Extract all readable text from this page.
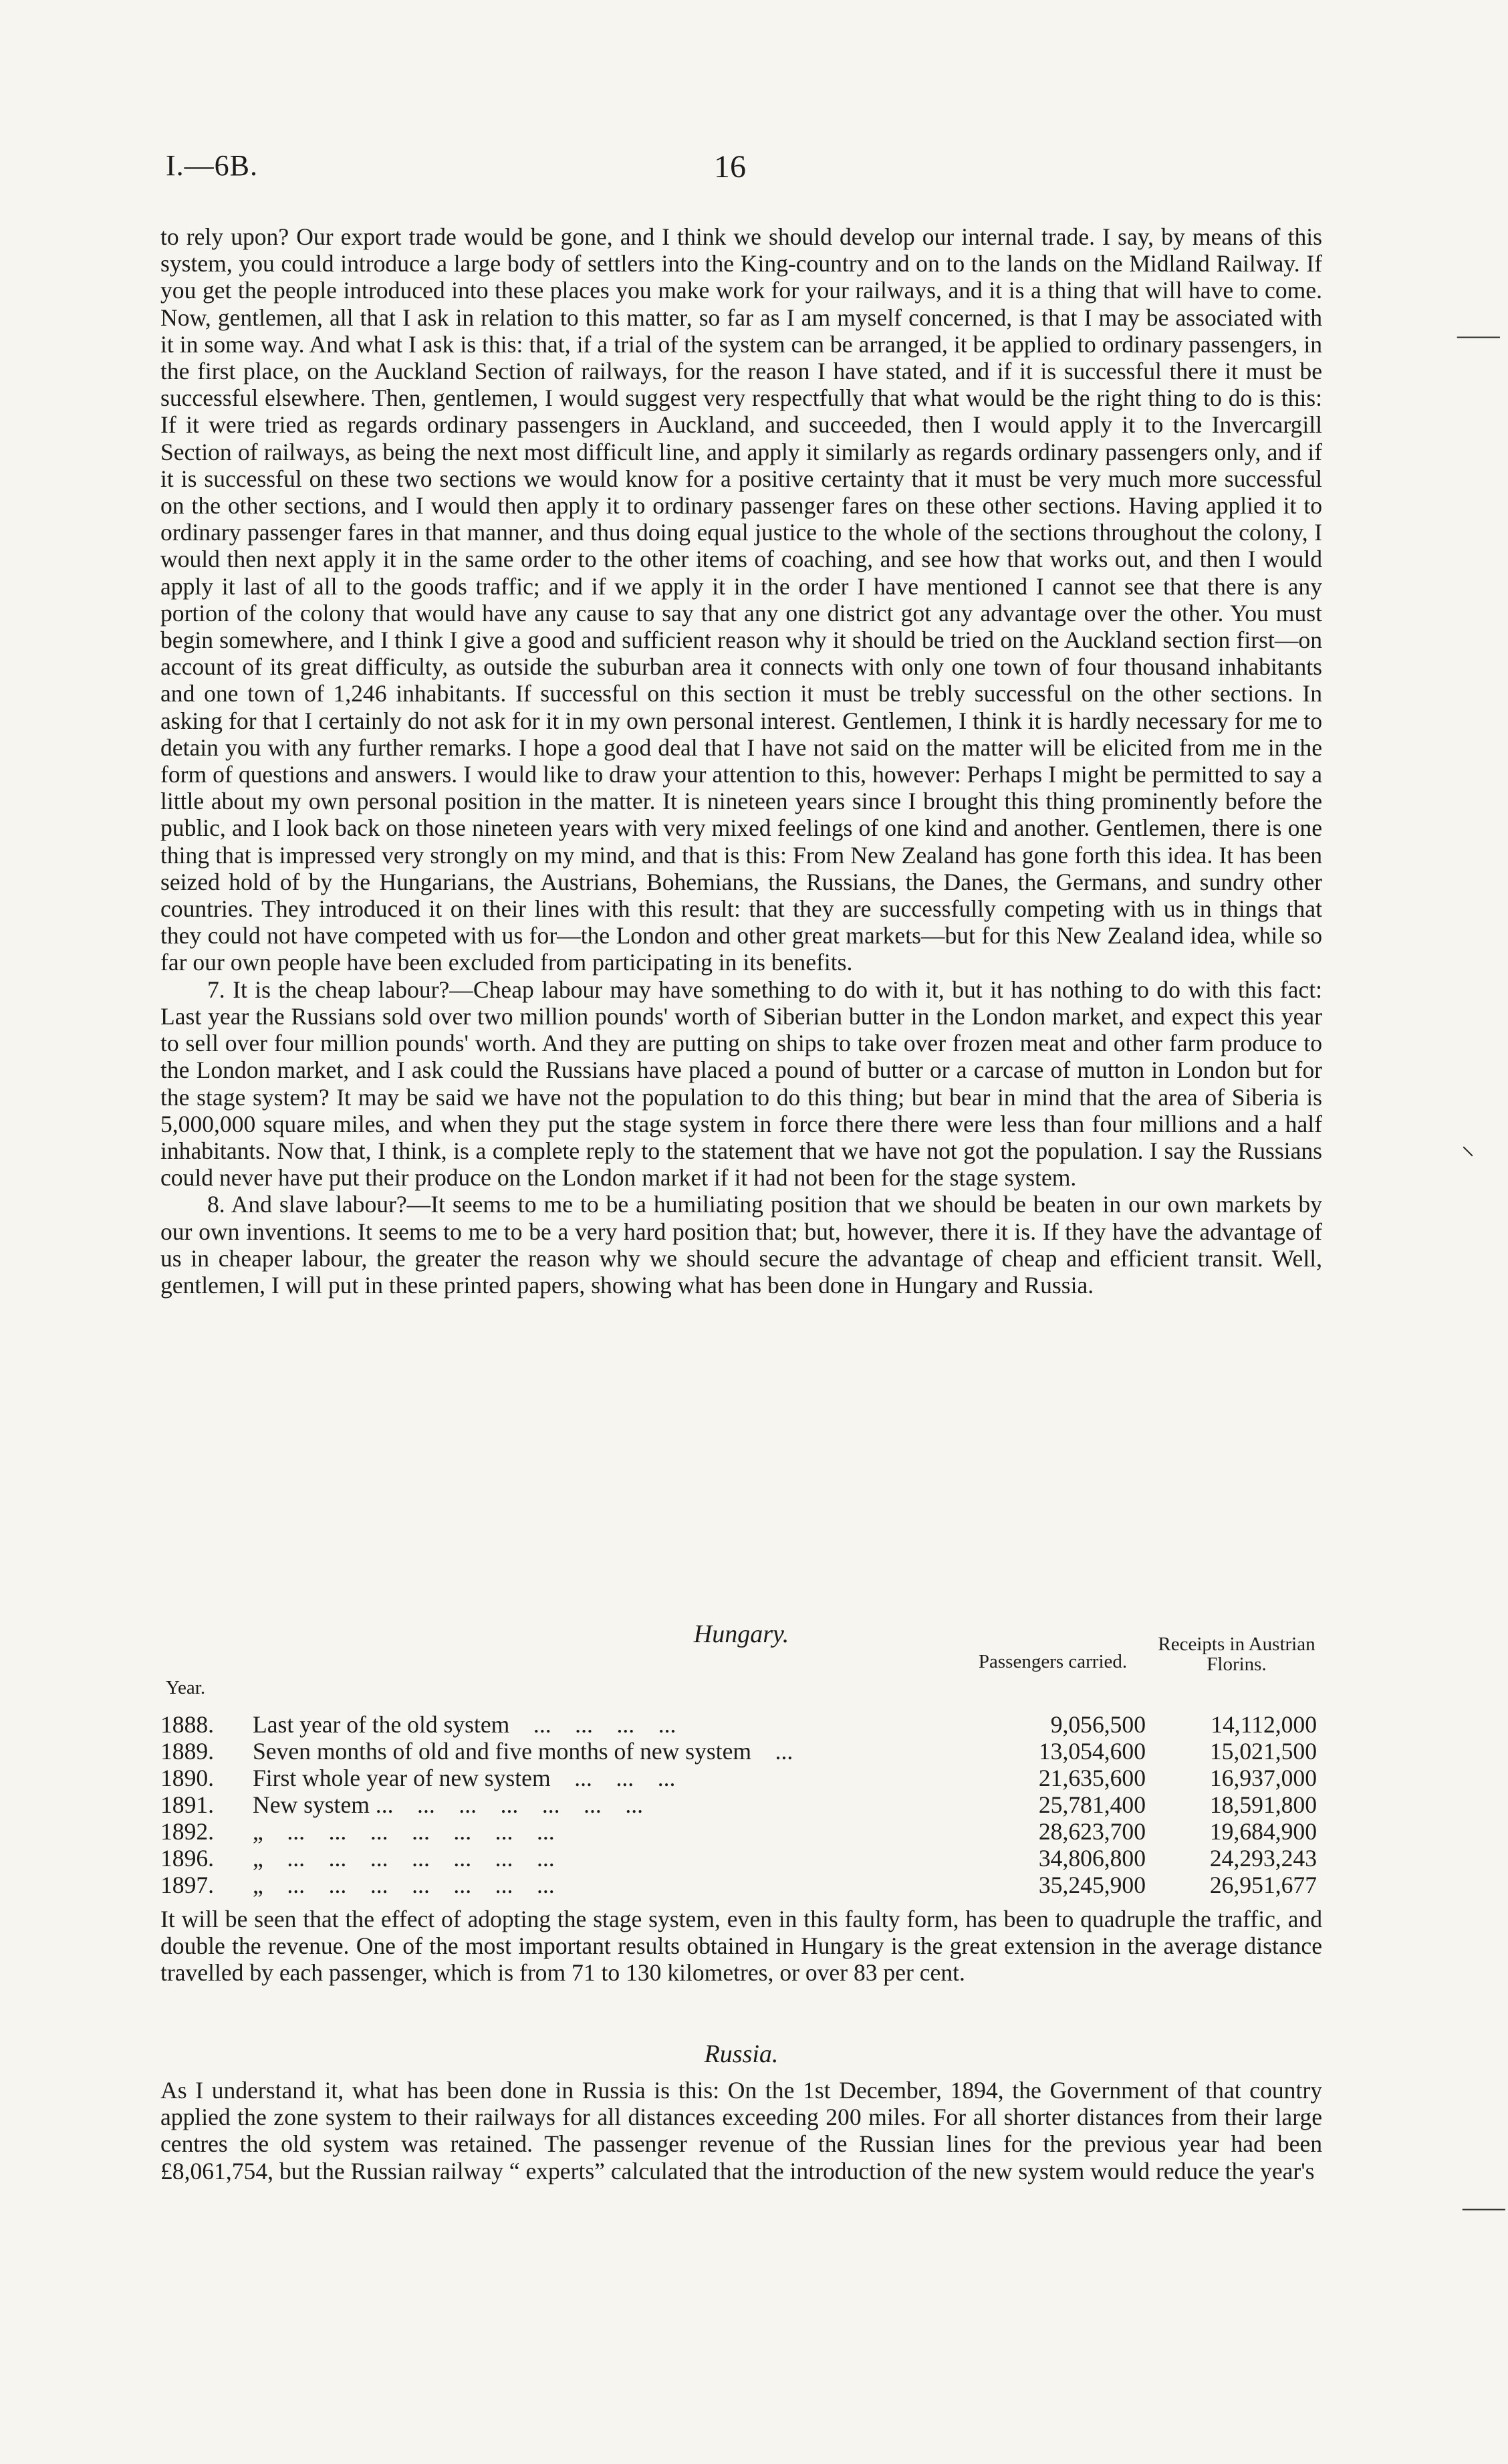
I.—6B.	16

to rely upon? Our export trade would be gone, and I think we should develop our internal trade. I say, by means of this system, you could introduce a large body of settlers into the King-country and on to the lands on the Midland Railway. If you get the people introduced into these places you make work for your railways, and it is a thing that will have to come. Now, gentlemen, all that I ask in relation to this matter, so far as I am myself concerned, is that I may be associated with it in some way. And what I ask is this: that, if a trial of the system can be arranged, it be applied to ordinary passengers, in the first place, on the Auckland Section of railways, for the reason I have stated, and if it is successful there it must be successful elsewhere. Then, gentlemen, I would suggest very respectfully that what would be the right thing to do is this: If it were tried as regards ordinary passengers in Auckland, and succeeded, then I would apply it to the Invercargill Section of railways, as being the next most difficult line, and apply it similarly as regards ordinary passengers only, and if it is successful on these two sections we would know for a positive certainty that it must be very much more successful on the other sections, and I would then apply it to ordinary passenger fares on these other sections. Having applied it to ordinary passenger fares in that manner, and thus doing equal justice to the whole of the sections throughout the colony, I would then next apply it in the same order to the other items of coaching, and see how that works out, and then I would apply it last of all to the goods traffic; and if we apply it in the order I have mentioned I cannot see that there is any portion of the colony that would have any cause to say that any one district got any advantage over the other. You must begin somewhere, and I think I give a good and sufficient reason why it should be tried on the Auckland section first—on account of its great difficulty, as outside the suburban area it connects with only one town of four thousand inhabitants and one town of 1,246 inhabitants. If successful on this section it must be trebly successful on the other sections. In asking for that I certainly do not ask for it in my own personal interest. Gentlemen, I think it is hardly necessary for me to detain you with any further remarks. I hope a good deal that I have not said on the matter will be elicited from me in the form of questions and answers. I would like to draw your attention to this, however: Perhaps I might be permitted to say a little about my own personal position in the matter. It is nineteen years since I brought this thing prominently before the public, and I look back on those nineteen years with very mixed feelings of one kind and another. Gentlemen, there is one thing that is impressed very strongly on my mind, and that is this: From New Zealand has gone forth this idea. It has been seized hold of by the Hungarians, the Austrians, Bohemians, the Russians, the Danes, the Germans, and sundry other countries. They introduced it on their lines with this result: that they are successfully competing with us in things that they could not have competed with us for—the London and other great markets—but for this New Zealand idea, while so far our own people have been excluded from participating in its benefits.

7. It is the cheap labour?—Cheap labour may have something to do with it, but it has nothing to do with this fact: Last year the Russians sold over two million pounds' worth of Siberian butter in the London market, and expect this year to sell over four million pounds' worth. And they are putting on ships to take over frozen meat and other farm produce to the London market, and I ask could the Russians have placed a pound of butter or a carcase of mutton in London but for the stage system? It may be said we have not the population to do this thing; but bear in mind that the area of Siberia is 5,000,000 square miles, and when they put the stage system in force there there were less than four millions and a half inhabitants. Now that, I think, is a complete reply to the statement that we have not got the population. I say the Russians could never have put their produce on the London market if it had not been for the stage system.

8. And slave labour?—It seems to me to be a humiliating position that we should be beaten in our own markets by our own inventions. It seems to me to be a very hard position that; but, however, there it is. If they have the advantage of us in cheaper labour, the greater the reason why we should secure the advantage of cheap and efficient transit. Well, gentlemen, I will put in these printed papers, showing what has been done in Hungary and Russia.

Hungary.
Year.
Passengers carried.
Receipts in Austrian Florins.
1888. Last year of the old system    ...    ...    ...    ...	9,056,500	14,112,000
1889. Seven months of old and five months of new system    ...	13,054,600	15,021,500
1890. First whole year of new system    ...    ...    ...	21,635,600	16,937,000
1891. New system ...    ...    ...    ...    ...    ...    ...	25,781,400	18,591,800
1892. „    ...    ...    ...    ...    ...    ...    ...	28,623,700	19,684,900
1896. „    ...    ...    ...    ...    ...    ...    ...	34,806,800	24,293,243
1897. „    ...    ...    ...    ...    ...    ...    ...	35,245,900	26,951,677
It will be seen that the effect of adopting the stage system, even in this faulty form, has been to quadruple the traffic, and double the revenue. One of the most important results obtained in Hungary is the great extension in the average distance travelled by each passenger, which is from 71 to 130 kilometres, or over 83 per cent.
Russia.
As I understand it, what has been done in Russia is this: On the 1st December, 1894, the Government of that country applied the zone system to their railways for all distances exceeding 200 miles. For all shorter distances from their large centres the old system was retained. The passenger revenue of the Russian lines for the previous year had been £8,061,754, but the Russian railway “ experts” calculated that the introduction of the new system would reduce the year's
⸺
⸌
⸺
